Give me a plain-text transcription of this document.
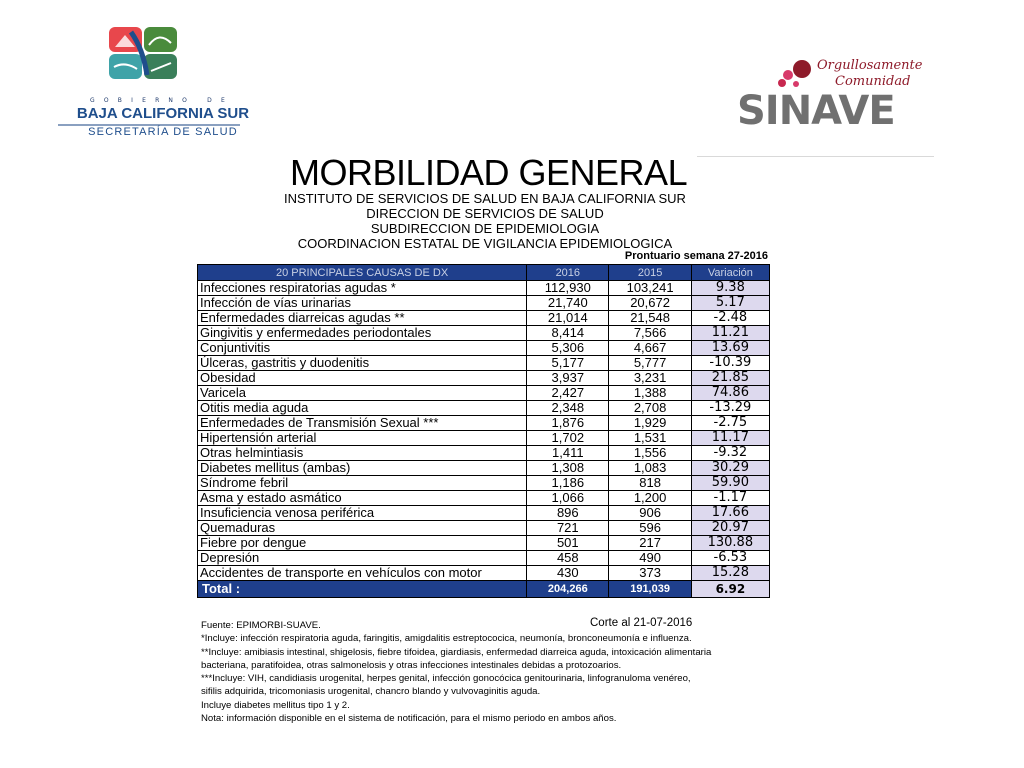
GOBIERNO DE
BAJA CALIFORNIA SUR
SECRETARÍA DE SALUD
Orgullosamente
Comunidad
SINAVE
MORBILIDAD GENERAL
INSTITUTO DE SERVICIOS DE SALUD EN BAJA CALIFORNIA SUR
DIRECCION DE SERVICIOS DE SALUD
SUBDIRECCION DE EPIDEMIOLOGIA
COORDINACION ESTATAL DE VIGILANCIA EPIDEMIOLOGICA
Prontuario semana 27-2016
20 PRINCIPALES CAUSAS DE DX	2016	2015	Variación
Infecciones respiratorias agudas *	112,930	103,241	9.38
Infección de vías urinarias	21,740	20,672	5.17
Enfermedades diarreicas agudas **	21,014	21,548	-2.48
Gingivitis y enfermedades periodontales	8,414	7,566	11.21
Conjuntivitis	5,306	4,667	13.69
Úlceras, gastritis y duodenitis	5,177	5,777	-10.39
Obesidad	3,937	3,231	21.85
Varicela	2,427	1,388	74.86
Otitis media aguda	2,348	2,708	-13.29
Enfermedades de Transmisión Sexual ***	1,876	1,929	-2.75
Hipertensión arterial	1,702	1,531	11.17
Otras helmintiasis	1,411	1,556	-9.32
Diabetes mellitus (ambas)	1,308	1,083	30.29
Síndrome febril	1,186	818	59.90
Asma y estado asmático	1,066	1,200	-1.17
Insuficiencia venosa periférica	896	906	17.66
Quemaduras	721	596	20.97
Fiebre por dengue	501	217	130.88
Depresión	458	490	-6.53
Accidentes de transporte en vehículos con motor	430	373	15.28
Total :	204,266	191,039	6.92
Corte al 21-07-2016
Fuente: EPIMORBI-SUAVE.
*Incluye: infección respiratoria aguda, faringitis, amigdalitis estreptococica, neumonía, bronconeumonía e influenza.
**Incluye: amibiasis intestinal, shigelosis, fiebre tifoidea, giardiasis, enfermedad diarreica aguda, intoxicación alimentaria
bacteriana, paratifoidea, otras salmonelosis y otras infecciones intestinales debidas a protozoarios.
***Incluye: VIH, candidiasis urogenital, herpes genital, infección gonocócica genitourinaria, linfogranuloma venéreo,
sifilis adquirida, tricomoniasis urogenital, chancro blando y vulvovaginitis aguda.
Incluye diabetes mellitus tipo 1 y 2.
Nota: información disponible en el sistema de notificación, para el mismo periodo en ambos años.
